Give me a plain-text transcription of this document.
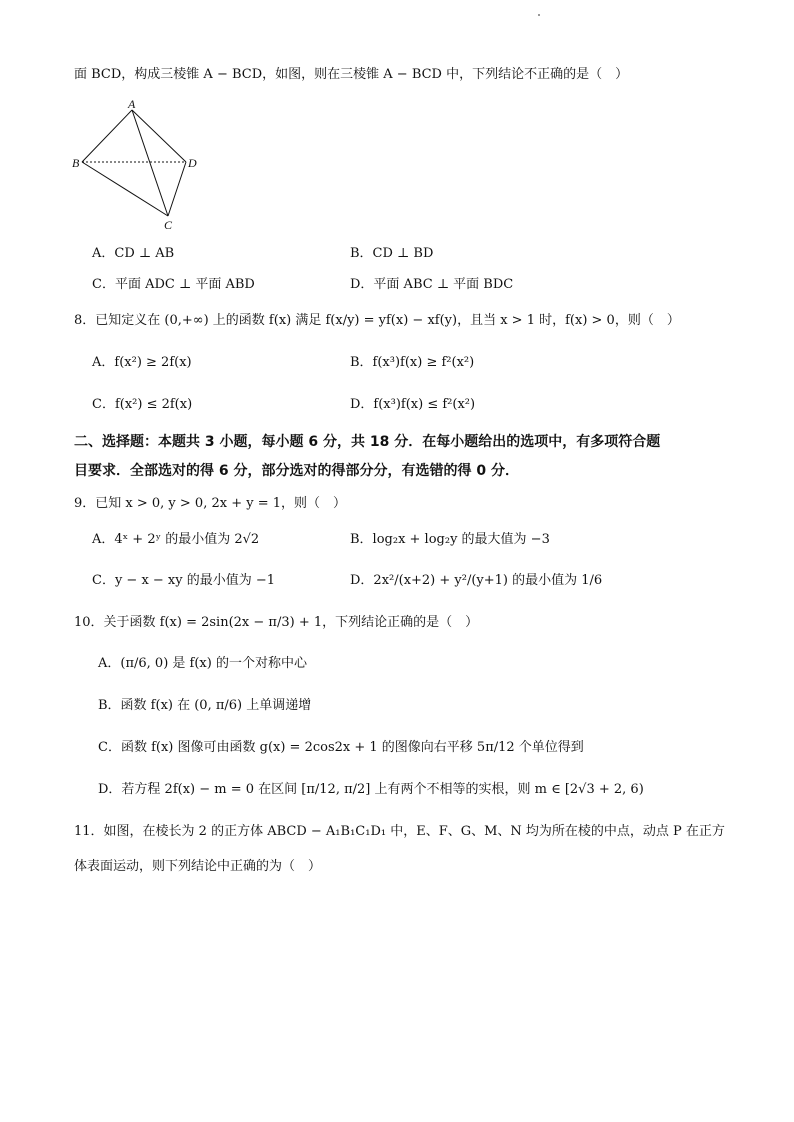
面 BCD，构成三棱锥 A − BCD，如图，则在三棱锥 A − BCD 中，下列结论不正确的是（　）
A
B	D
C
A．CD ⊥ AB	B．CD ⊥ BD
C．平面 ADC ⊥ 平面 ABD	D．平面 ABC ⊥ 平面 BDC
8．已知定义在 (0,+∞) 上的函数 f(x) 满足 f(x/y) = yf(x) − xf(y)，且当 x > 1 时，f(x) > 0，则（　）
A．f(x²) ≥ 2f(x)	B．f(x³)f(x) ≥ f²(x²)
C．f(x²) ≤ 2f(x)	D．f(x³)f(x) ≤ f²(x²)
二、选择题：本题共 3 小题，每小题 6 分，共 18 分．在每小题给出的选项中，有多项符合题
目要求．全部选对的得 6 分，部分选对的得部分分，有选错的得 0 分．
9．已知 x > 0, y > 0, 2x + y = 1，则（　）
A．4ˣ + 2ʸ 的最小值为 2√2	B．log₂x + log₂y 的最大值为 −3
C．y − x − xy 的最小值为 −1	D．2x²/(x+2) + y²/(y+1) 的最小值为 1/6
10．关于函数 f(x) = 2sin(2x − π/3) + 1，下列结论正确的是（　）
A．(π/6, 0) 是 f(x) 的一个对称中心
B．函数 f(x) 在 (0, π/6) 上单调递增
C．函数 f(x) 图像可由函数 g(x) = 2cos2x + 1 的图像向右平移 5π/12 个单位得到
D．若方程 2f(x) − m = 0 在区间 [π/12, π/2] 上有两个不相等的实根，则 m ∈ [2√3 + 2, 6)
11．如图，在棱长为 2 的正方体 ABCD − A₁B₁C₁D₁ 中，E、F、G、M、N 均为所在棱的中点，动点 P 在正方
体表面运动，则下列结论中正确的为（　）
